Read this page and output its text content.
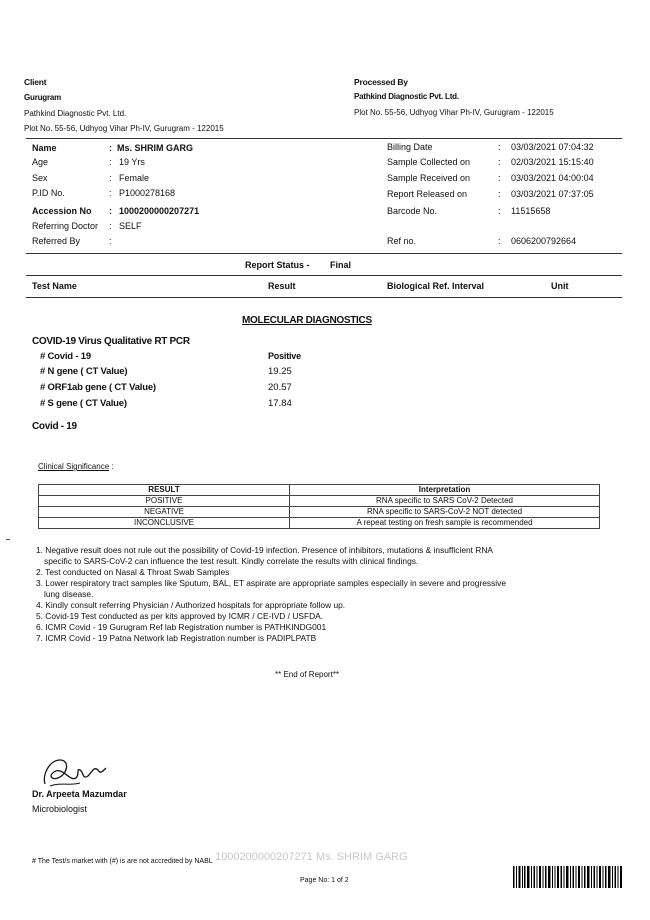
Client
Gurugram
Pathkind Diagnostic Pvt. Ltd.
Plot No. 55-56, Udhyog Vihar Ph-IV, Gurugram - 122015
Processed By
Pathkind Diagnostic Pvt. Ltd.
Plot No. 55-56, Udhyog Vihar Ph-IV, Gurugram - 122015
Name	: Ms. SHRIM GARG
Age	: 19 Yrs
Sex	: Female
P.ID No.	: P1000278168
Accession No : 1000200000207271
Referring Doctor : SELF
Referred By	:
Billing Date	: 03/03/2021 07:04:32
Sample Collected on	: 02/03/2021 15:15:40
Sample Received on	: 03/03/2021 04:00:04
Report Released on	: 03/03/2021 07:37:05
Barcode No.	: 11515658
Ref no.	: 0606200792664
Report Status - Final
Test Name	Result	Biological Ref. Interval	Unit
MOLECULAR DIAGNOSTICS
COVID-19 Virus Qualitative RT PCR
# Covid - 19	Positive
# N gene ( CT Value)	19.25
# ORF1ab gene ( CT Value)	20.57
# S gene ( CT Value)	17.84
Covid - 19
Clinical Significance :
RESULT	Interpretation
POSITIVE	RNA specific to SARS CoV-2 Detected
NEGATIVE	RNA specific to SARS-CoV-2 NOT detected
INCONCLUSIVE	A repeat testing on fresh sample is recommended
1. Negative result does not rule out the possibility of Covid-19 infection. Presence of inhibitors, mutations & insufficient RNA
specific to SARS-CoV-2 can influence the test result. Kindly correlate the results with clinical findings.
2. Test conducted on Nasal & Throat Swab Samples
3. Lower respiratory tract samples like Sputum, BAL, ET aspirate are appropriate samples especially in severe and progressive
lung disease.
4. Kindly consult referring Physician / Authorized hospitals for appropriate follow up.
5. Covid-19 Test conducted as per kits approved by ICMR / CE-IVD / USFDA.
6. ICMR Covid - 19 Gurugram Ref lab Registration number is PATHKINDG001
7. ICMR Covid - 19 Patna Network lab Registration number is PADIPLPATB
** End of Report**
Dr. Arpeeta Mazumdar
Microbiologist
1000200000207271 Ms. SHRIM GARG
# The Test/s market with (#) is are not accredited by NABL
Page No: 1 of 2
